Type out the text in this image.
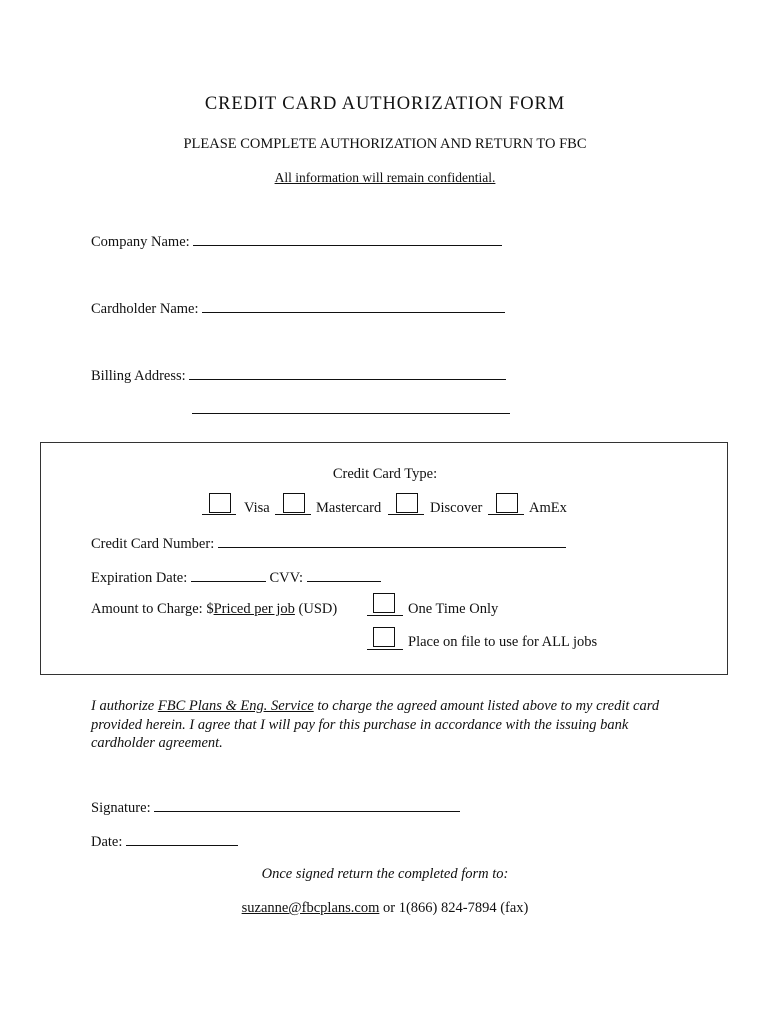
CREDIT CARD AUTHORIZATION FORM
PLEASE COMPLETE AUTHORIZATION AND RETURN TO FBC
All information will remain confidential.
Company Name:
Cardholder Name:
Billing Address:
Credit Card Type:
Visa	Mastercard	Discover	AmEx
Credit Card Number:
Expiration Date:	CVV:
Amount to Charge: $Priced per job (USD)	One Time Only
Place on file to use for ALL jobs
I authorize FBC Plans & Eng. Service to charge the agreed amount listed above to my credit card provided herein. I agree that I will pay for this purchase in accordance with the issuing bank cardholder agreement.
Signature:
Date:
Once signed return the completed form to:
suzanne@fbcplans.com or 1(866) 824-7894 (fax)
